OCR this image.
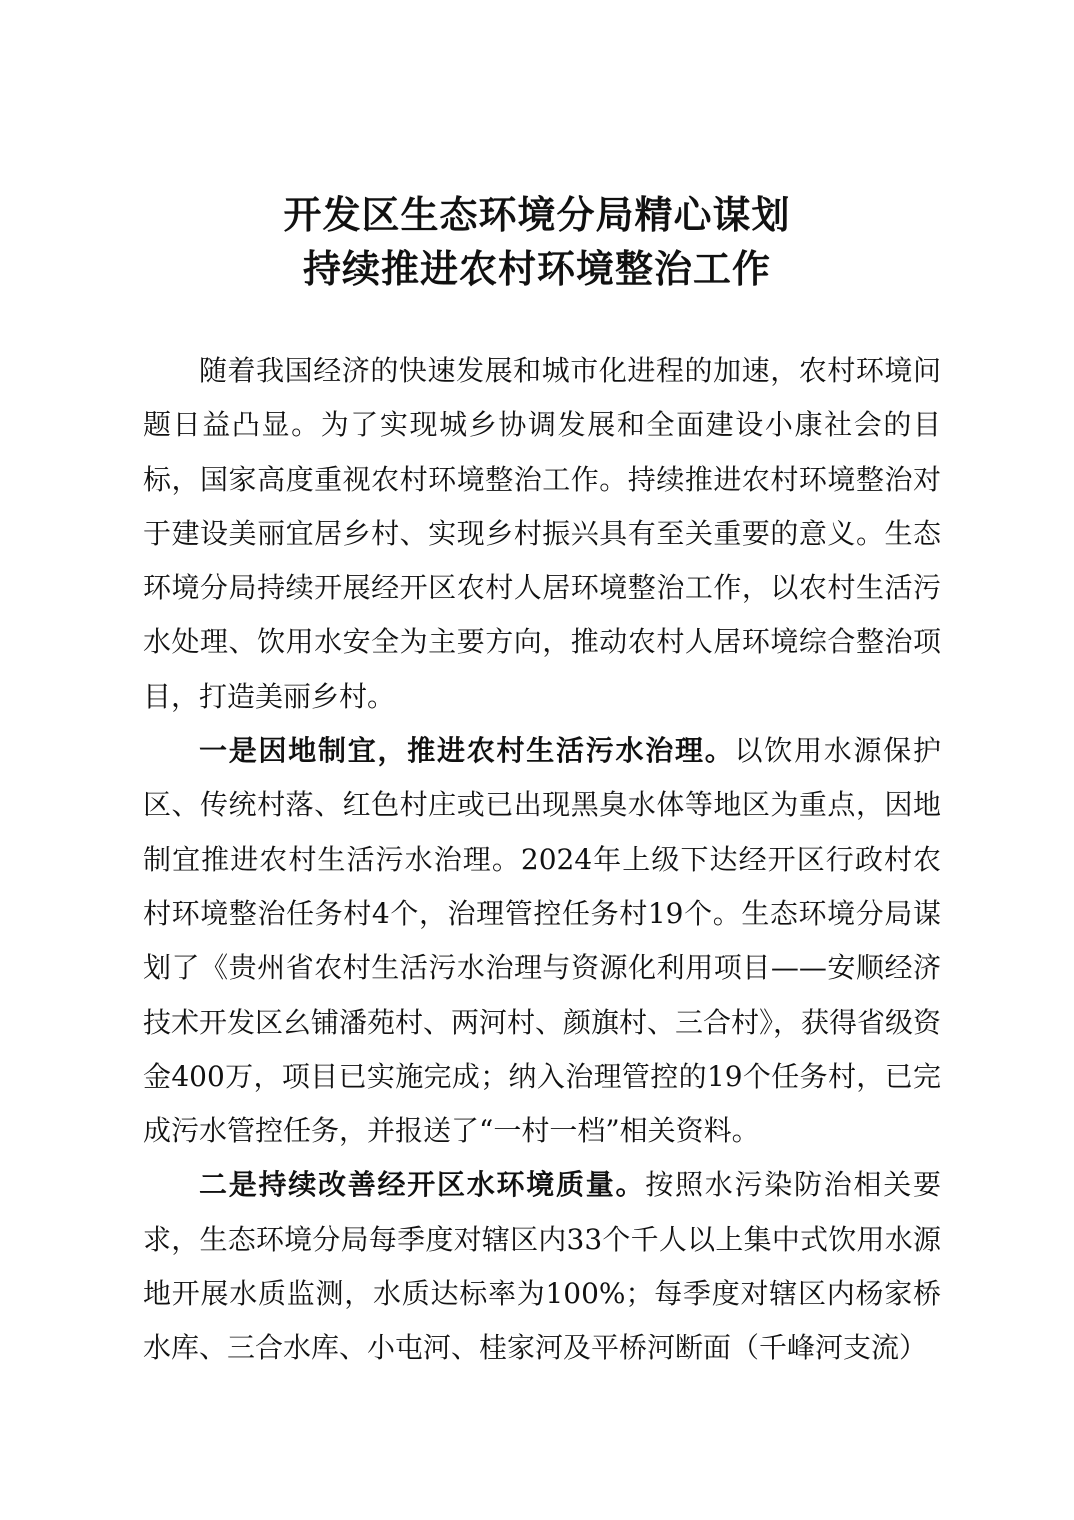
开发区生态环境分局精心谋划
持续推进农村环境整治工作

随着我国经济的快速发展和城市化进程的加速，农村环境问题日益凸显。为了实现城乡协调发展和全面建设小康社会的目标，国家高度重视农村环境整治工作。持续推进农村环境整治对于建设美丽宜居乡村、实现乡村振兴具有至关重要的意义。生态环境分局持续开展经开区农村人居环境整治工作，以农村生活污水处理、饮用水安全为主要方向，推动农村人居环境综合整治项目，打造美丽乡村。

一是因地制宜，推进农村生活污水治理。以饮用水源保护区、传统村落、红色村庄或已出现黑臭水体等地区为重点，因地制宜推进农村生活污水治理。2024年上级下达经开区行政村农村环境整治任务村4个，治理管控任务村19个。生态环境分局谋划了《贵州省农村生活污水治理与资源化利用项目——安顺经济技术开发区幺铺潘苑村、两河村、颜旗村、三合村》，获得省级资金400万，项目已实施完成；纳入治理管控的19个任务村，已完成污水管控任务，并报送了“一村一档”相关资料。

二是持续改善经开区水环境质量。按照水污染防治相关要求，生态环境分局每季度对辖区内33个千人以上集中式饮用水源地开展水质监测，水质达标率为100%；每季度对辖区内杨家桥水库、三合水库、小屯河、桂家河及平桥河断面（千峰河支流）
